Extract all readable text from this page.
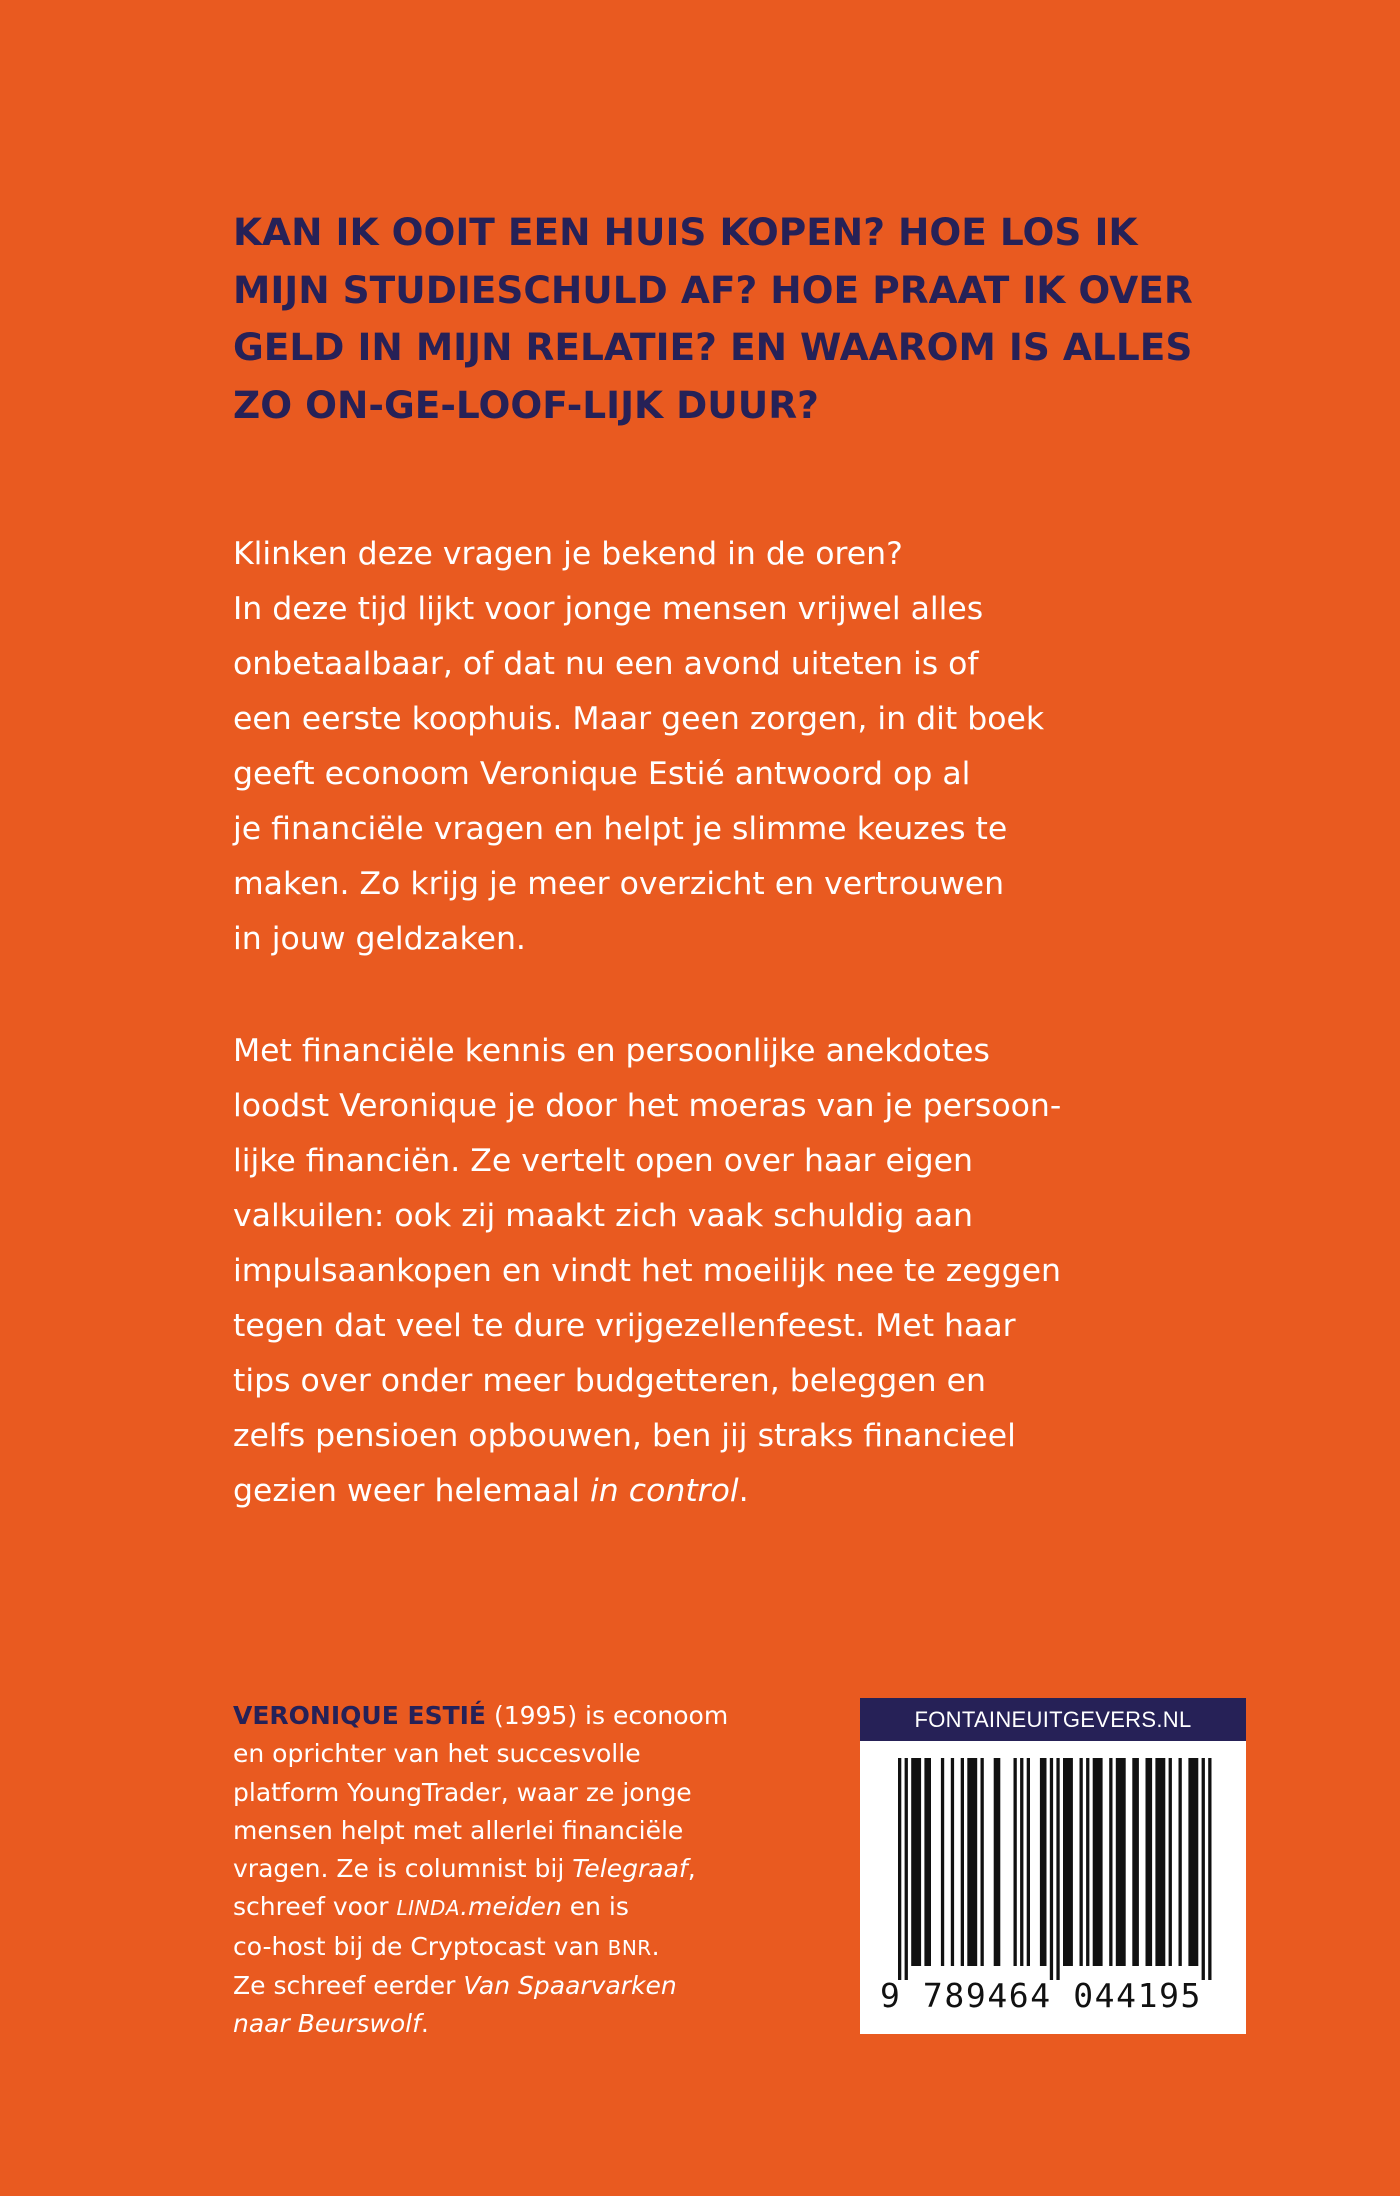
KAN IK OOIT EEN HUIS KOPEN? HOE LOS IK
MIJN STUDIESCHULD AF? HOE PRAAT IK OVER
GELD IN MIJN RELATIE? EN WAAROM IS ALLES
ZO ON-GE-LOOF-LIJK DUUR?

Klinken deze vragen je bekend in de oren?
In deze tijd lijkt voor jonge mensen vrijwel alles
onbetaalbaar, of dat nu een avond uiteten is of
een eerste koophuis. Maar geen zorgen, in dit boek
geeft econoom Veronique Estié antwoord op al
je financiële vragen en helpt je slimme keuzes te
maken. Zo krijg je meer overzicht en vertrouwen
in jouw geldzaken.

Met financiële kennis en persoonlijke anekdotes
loodst Veronique je door het moeras van je persoon-
lijke financiën. Ze vertelt open over haar eigen
valkuilen: ook zij maakt zich vaak schuldig aan
impulsaankopen en vindt het moeilijk nee te zeggen
tegen dat veel te dure vrijgezellenfeest. Met haar
tips over onder meer budgetteren, beleggen en
zelfs pensioen opbouwen, ben jij straks financieel
gezien weer helemaal in control.

VERONIQUE ESTIÉ (1995) is econoom
en oprichter van het succesvolle
platform YoungTrader, waar ze jonge
mensen helpt met allerlei financiële
vragen. Ze is columnist bij Telegraaf,
schreef voor LINDA.meiden en is
co-host bij de Cryptocast van BNR.
Ze schreef eerder Van Spaarvarken
naar Beurswolf.

FONTAINEUITGEVERS.NL
9 789464 044195
